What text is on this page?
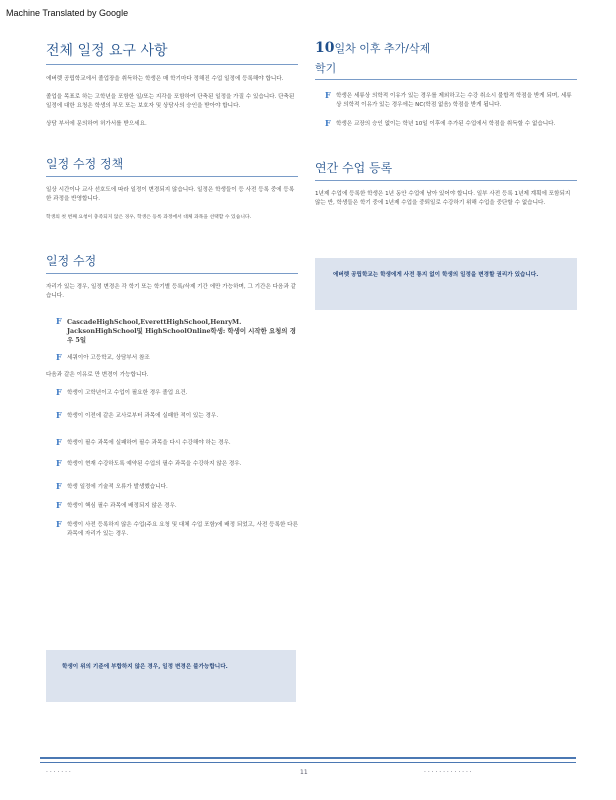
Machine Translated by Google
전체 일정 요구 사항

에버렛 공립학교에서 졸업장을 취득하는 학생은 매 학기마다 정해진 수업 일정에 등록해야 합니다.

졸업을 목표로 하는 고학년을 포함한 일/또는 지각을 포함하여 단축된 일정을 가질 수 있습니다. 단축된 일정에 대한 요청은 학생의 부모 또는 보호자 및 상담사의 승인을 받아야 합니다.

상담 부서에 문의하여 허가서를 받으세요.

일정 수정 정책

일상 시간이나 교사 선호도에 따라 일정이 변경되지 않습니다. 일정은 학생들이 등 사전 등록 중에 등록한 과정을 반영합니다.

학생의 첫 번째 요청이 충족되지 않은 경우, 학생은 등록 과정에서 대체 과목을 선택할 수 있습니다.

일정 수정

자리가 있는 경우, 일정 변경은 각 학기 또는 학기별 등록/삭제 기간 에만 가능하며, 그 기간은 다음과 같습니다.

F CascadeHighSchool,EverettHighSchool,HenryM. JacksonHighSchool및 HighSchoolOnline학생: 학생이 시작한 요청의 경우 5일

F 세쿼이아 고등학교, 상담부서 참조

다음과 같은 이유로 만 변경이 가능합니다.

F 학생이 고학년이고 수업이 필요한 경우 졸업 요건.

F 학생이 이전에 같은 교사로부터 과목에 실패한 적이 있는 경우.

F 학생이 필수 과목에 실패하여 필수 과목을 다시 수강해야 하는 경우.

F 학생이 현재 수강하도록 예약된 수업의 필수 과목을 수강하지 않은 경우.

F 학생 일정에 기술적 오류가 발생했습니다.

F 학생이 핵심 필수 과목에 배정되지 않은 경우.

F 학생이 사전 등록하지 않은 수업(주요 요청 및 대체 수업 포함)에 배정 되었고, 사전 등록한 다른 과목에 자리가 있는 경우.

학생이 위의 기준에 부합하지 않은 경우, 일정 변경은 불가능합니다.

10일차 이후 추가/삭제
학기

F 학생은 세류상 의학적 이유가 있는 경우를 제외하고는 수강 취소시 불합격 학점을 받게 되며, 세류상 의학적 이유가 있는 경우에는 NC(학점 없음) 학점을 받게 됩니다.

F 학생은 교장의 승인 없이는 학년 10일 이후에 추가된 수업에서 학점을 취득할 수 없습니다.

연간 수업 등록

1년제 수업에 등록한 학생은 1년 동안 수업에 남아 있어야 합니다. 일부 사전 등록 1년제 계획에 포함되지 않는 반, 학생들은 학기 중에 1년제 수업을 중퇴일로 수강하기 위해 수업을 중단할 수 없습니다.

에버렛 공립학교는 학생에게 사전 통지 없이 학생의 일정을 변경할 권리가 있습니다.

· · · · · · ·	11	· · · · · · · · · · · · ·
